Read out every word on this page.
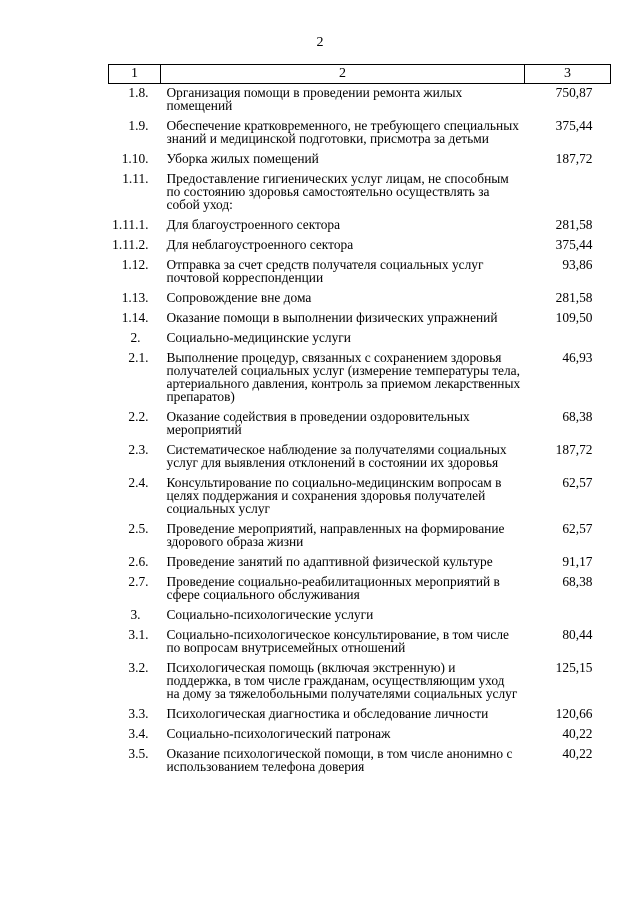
2
1	2	3
1.8.	Организация помощи в проведении ремонта жилых помещений	750,87
1.9.	Обеспечение кратковременного, не требующего специальных знаний и медицинской подготовки, присмотра за детьми	375,44
1.10.	Уборка жилых помещений	187,72
1.11.	Предоставление гигиенических услуг лицам, не способным по состоянию здоровья самостоятельно осуществлять за собой уход:	
1.11.1.	Для благоустроенного сектора	281,58
1.11.2.	Для неблагоустроенного сектора	375,44
1.12.	Отправка за счет средств получателя социальных услуг почтовой корреспонденции	93,86
1.13.	Сопровождение вне дома	281,58
1.14.	Оказание помощи в выполнении физических упражнений	109,50
2.	Социально-медицинские услуги	
2.1.	Выполнение процедур, связанных с сохранением здоровья получателей социальных услуг (измерение температуры тела, артериального давления, контроль за приемом лекарственных препаратов)	46,93
2.2.	Оказание содействия в проведении оздоровительных мероприятий	68,38
2.3.	Систематическое наблюдение за получателями социальных услуг для выявления отклонений в состоянии их здоровья	187,72
2.4.	Консультирование по социально-медицинским вопросам в целях поддержания и сохранения здоровья получателей социальных услуг	62,57
2.5.	Проведение мероприятий, направленных на формирование здорового образа жизни	62,57
2.6.	Проведение занятий по адаптивной физической культуре	91,17
2.7.	Проведение социально-реабилитационных мероприятий в сфере социального обслуживания	68,38
3.	Социально-психологические услуги	
3.1.	Социально-психологическое консультирование, в том числе по вопросам внутрисемейных отношений	80,44
3.2.	Психологическая помощь (включая экстренную) и поддержка, в том числе гражданам, осуществляющим уход на дому за тяжелобольными получателями социальных услуг	125,15
3.3.	Психологическая диагностика и обследование личности	120,66
3.4.	Социально-психологический патронаж	40,22
3.5.	Оказание психологической помощи, в том числе анонимно с использованием телефона доверия	40,22
